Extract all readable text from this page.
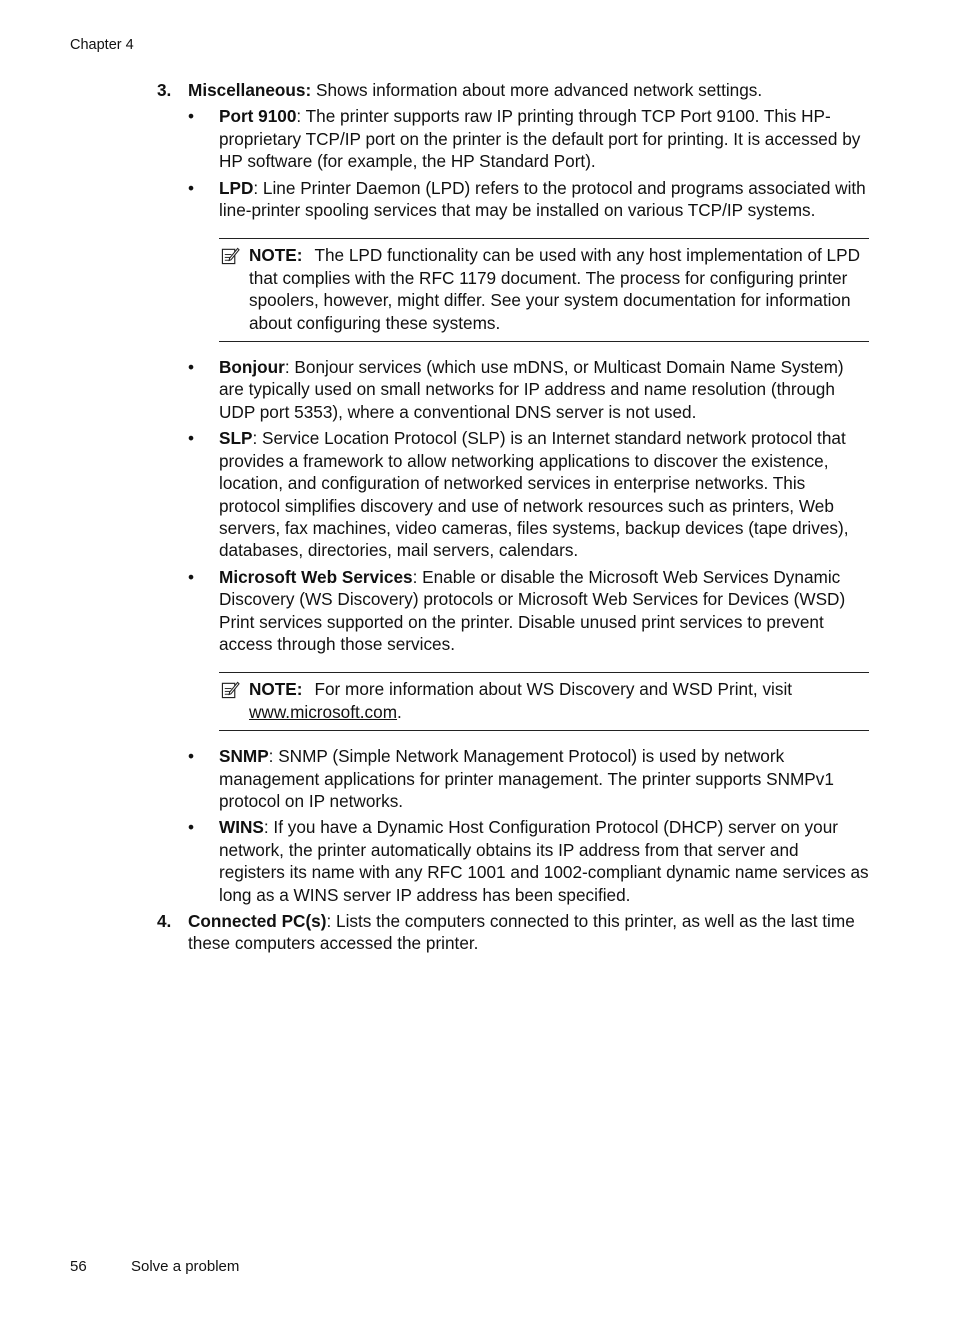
Chapter 4
3. Miscellaneous: Shows information about more advanced network settings.
•	Port 9100: The printer supports raw IP printing through TCP Port 9100. This HP-proprietary TCP/IP port on the printer is the default port for printing. It is accessed by HP software (for example, the HP Standard Port).
•	LPD: Line Printer Daemon (LPD) refers to the protocol and programs associated with line-printer spooling services that may be installed on various TCP/IP systems.
NOTE: The LPD functionality can be used with any host implementation of LPD that complies with the RFC 1179 document. The process for configuring printer spoolers, however, might differ. See your system documentation for information about configuring these systems.
•	Bonjour: Bonjour services (which use mDNS, or Multicast Domain Name System) are typically used on small networks for IP address and name resolution (through UDP port 5353), where a conventional DNS server is not used.
•	SLP: Service Location Protocol (SLP) is an Internet standard network protocol that provides a framework to allow networking applications to discover the existence, location, and configuration of networked services in enterprise networks. This protocol simplifies discovery and use of network resources such as printers, Web servers, fax machines, video cameras, files systems, backup devices (tape drives), databases, directories, mail servers, calendars.
•	Microsoft Web Services: Enable or disable the Microsoft Web Services Dynamic Discovery (WS Discovery) protocols or Microsoft Web Services for Devices (WSD) Print services supported on the printer. Disable unused print services to prevent access through those services.
NOTE: For more information about WS Discovery and WSD Print, visit www.microsoft.com.
•	SNMP: SNMP (Simple Network Management Protocol) is used by network management applications for printer management. The printer supports SNMPv1 protocol on IP networks.
•	WINS: If you have a Dynamic Host Configuration Protocol (DHCP) server on your network, the printer automatically obtains its IP address from that server and registers its name with any RFC 1001 and 1002-compliant dynamic name services as long as a WINS server IP address has been specified.
4. Connected PC(s): Lists the computers connected to this printer, as well as the last time these computers accessed the printer.
56	Solve a problem
